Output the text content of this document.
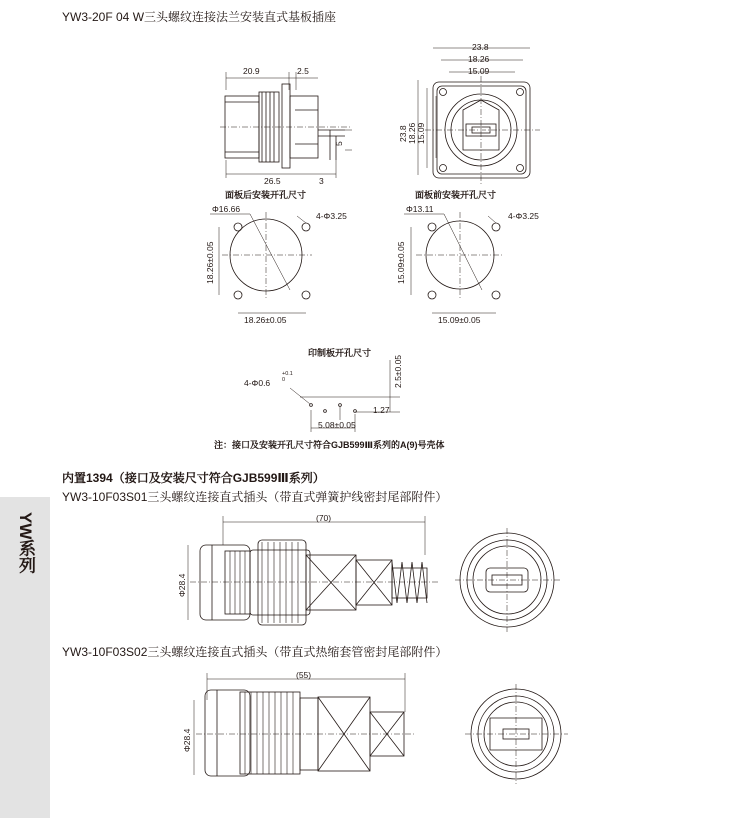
YW系列
YW3-20F 04 W三头螺纹连接法兰安装直式基板插座
20.9	2.5
26.5	3
5
面板后安装开孔尺寸
23.8
18.26
15.09
23.8 18.26 15.09
面板前安装开孔尺寸
Φ16.66
4-Φ3.25
18.26±0.05
18.26±0.05
Φ13.11
4-Φ3.25
15.09±0.05
15.09±0.05
印制板开孔尺寸
4-Φ0.6
+0.1
0	2.5±0.05
1.27
5.08±0.05
注：接口及安装开孔尺寸符合GJB599Ⅲ系列的A(9)号壳体
内置1394（接口及安装尺寸符合GJB599Ⅲ系列）
YW3-10F03S01三头螺纹连接直式插头（带直式弹簧护线密封尾部附件）
(70)
Φ28.4
YW3-10F03S02三头螺纹连接直式插头（带直式热缩套管密封尾部附件）
(55)
Φ28.4
